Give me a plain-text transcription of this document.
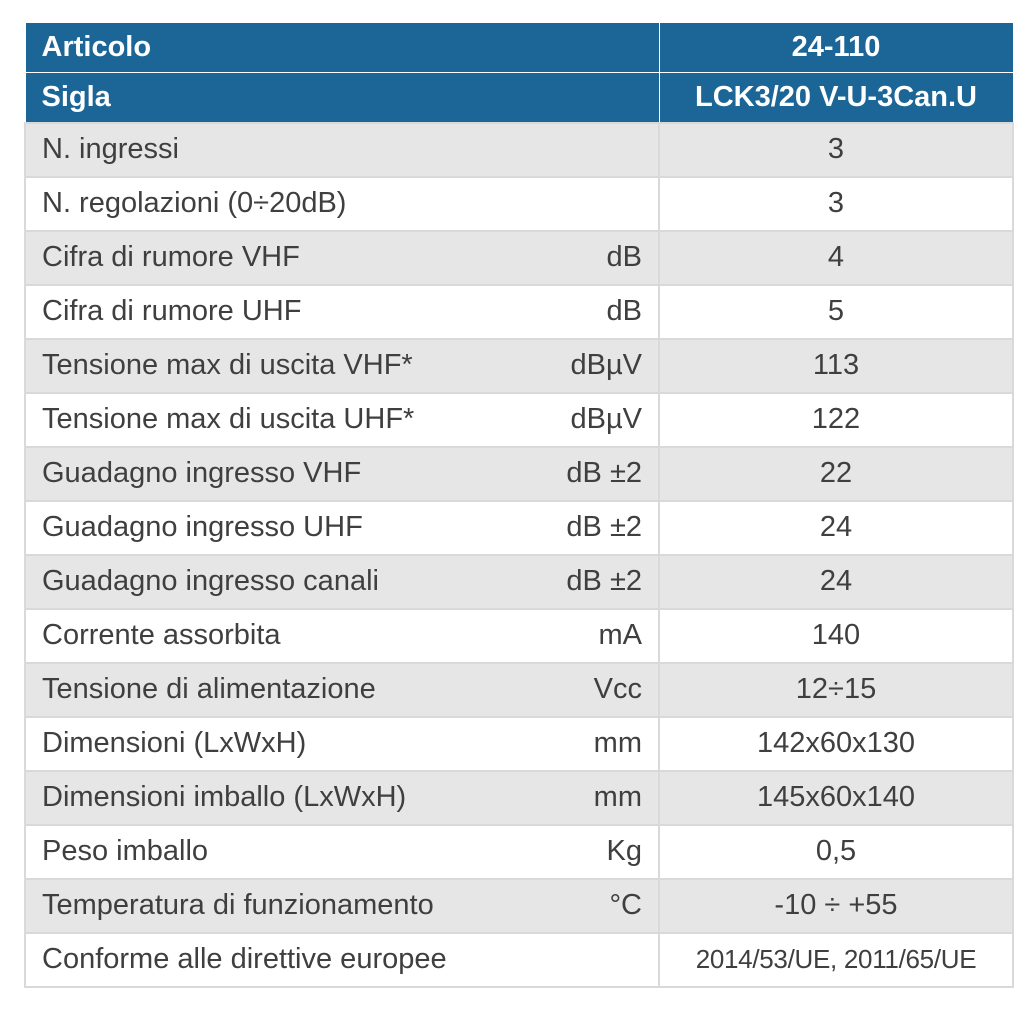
Articolo	24-110
Sigla	LCK3/20 V-U-3Can.U

N. ingressi	3

N. regolazioni (0÷20dB)	3

Cifra di rumore VHF dB	4

Cifra di rumore UHF dB	5

Tensione max di uscita VHF* dBµV	113

Tensione max di uscita UHF* dBµV	122

Guadagno ingresso VHF dB ±2	22

Guadagno ingresso UHF dB ±2	24

Guadagno ingresso canali dB ±2	24

Corrente assorbita mA	140

Tensione di alimentazione Vcc	12÷15

Dimensioni (LxWxH) mm	142x60x130

Dimensioni imballo (LxWxH) mm	145x60x140

Peso imballo Kg	0,5

Temperatura di funzionamento °C	-10 ÷ +55

Conforme alle direttive europee	2014/53/UE, 2011/65/UE
